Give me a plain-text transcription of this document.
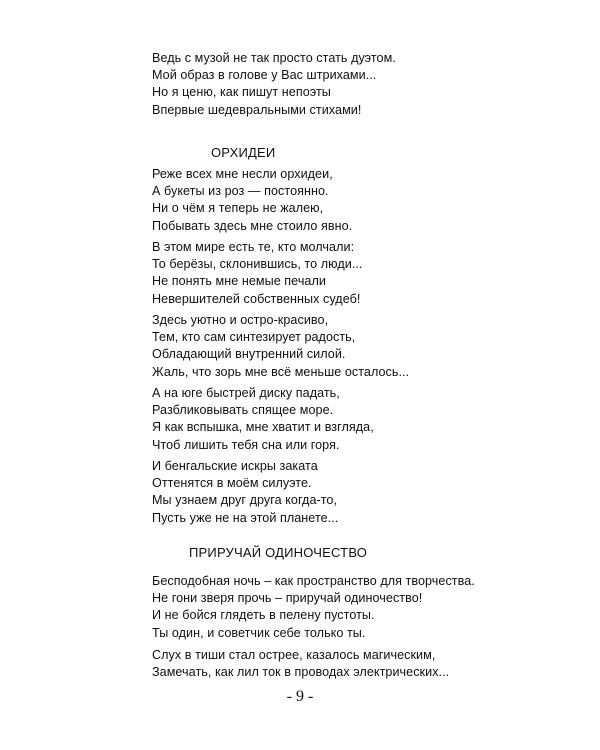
Ведь с музой не так просто стать дуэтом.
Мой образ в голове у Вас штрихами...
Но я ценю, как пишут непоэты
Впервые шедевральными стихами!
ОРХИДЕИ
Реже всех мне несли орхидеи,
А букеты из роз — постоянно.
Ни о чём я теперь не жалею,
Побывать здесь мне стоило явно.
В этом мире есть те, кто молчали:
То берёзы, склонившись, то люди...
Не понять мне немые печали
Невершителей собственных судеб!
Здесь уютно и остро-красиво,
Тем, кто сам синтезирует радость,
Обладающий внутренний силой.
Жаль, что зорь мне всё меньше осталось...
А на юге быстрей диску падать,
Разбликовывать спящее море.
Я как вспышка, мне хватит и взгляда,
Чтоб лишить тебя сна или горя.
И бенгальские искры заката
Оттенятся в моём силуэте.
Мы узнаем друг друга когда-то,
Пусть уже не на этой планете...
ПРИРУЧАЙ ОДИНОЧЕСТВО
Бесподобная ночь – как пространство для творчества.
Не гони зверя прочь – приручай одиночество!
И не бойся глядеть в пелену пустоты.
Ты один, и советчик себе только ты.
Слух в тиши стал острее, казалось магическим,
Замечать, как лил ток в проводах электрических...
- 9 -
